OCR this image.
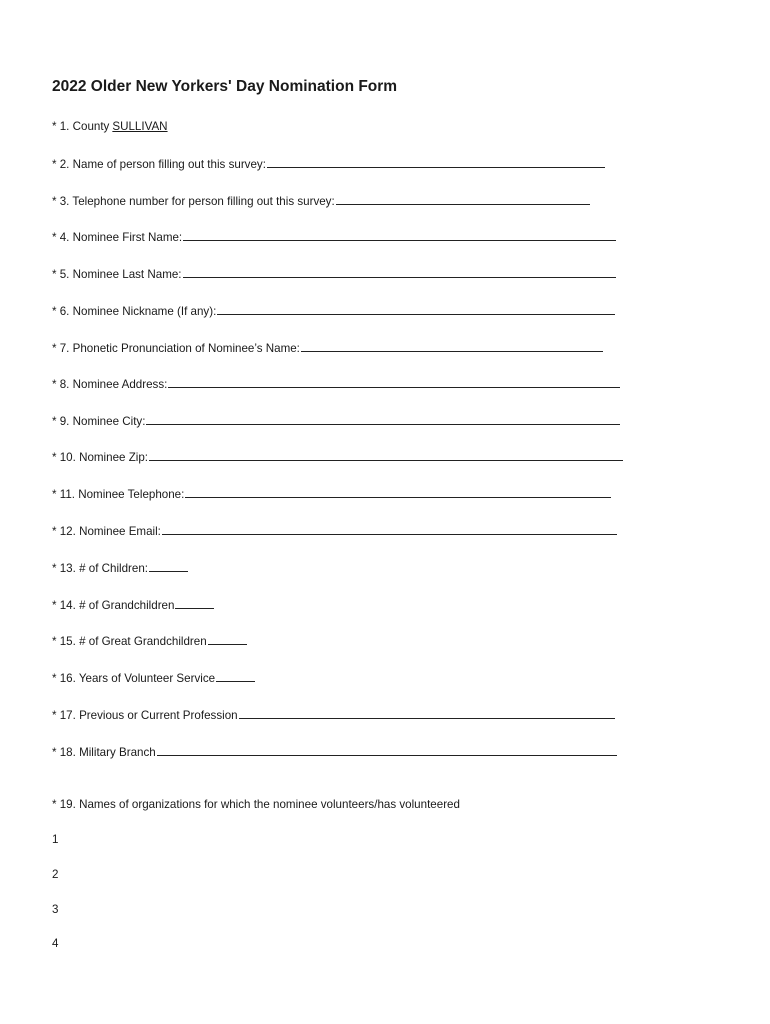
2022 Older New Yorkers' Day Nomination Form
* 1. County SULLIVAN
* 2. Name of person filling out this survey:
* 3. Telephone number for person filling out this survey:
* 4. Nominee First Name:
* 5. Nominee Last Name:
* 6. Nominee Nickname (If any):
* 7. Phonetic Pronunciation of Nominee’s Name:
* 8. Nominee Address:
* 9. Nominee City:
* 10. Nominee Zip:
* 11. Nominee Telephone:
* 12. Nominee Email:
* 13. # of Children:
* 14. # of Grandchildren
* 15. # of Great Grandchildren
* 16. Years of Volunteer Service
* 17. Previous or Current Profession
* 18. Military Branch
* 19. Names of organizations for which the nominee volunteers/has volunteered
1
2
3
4
